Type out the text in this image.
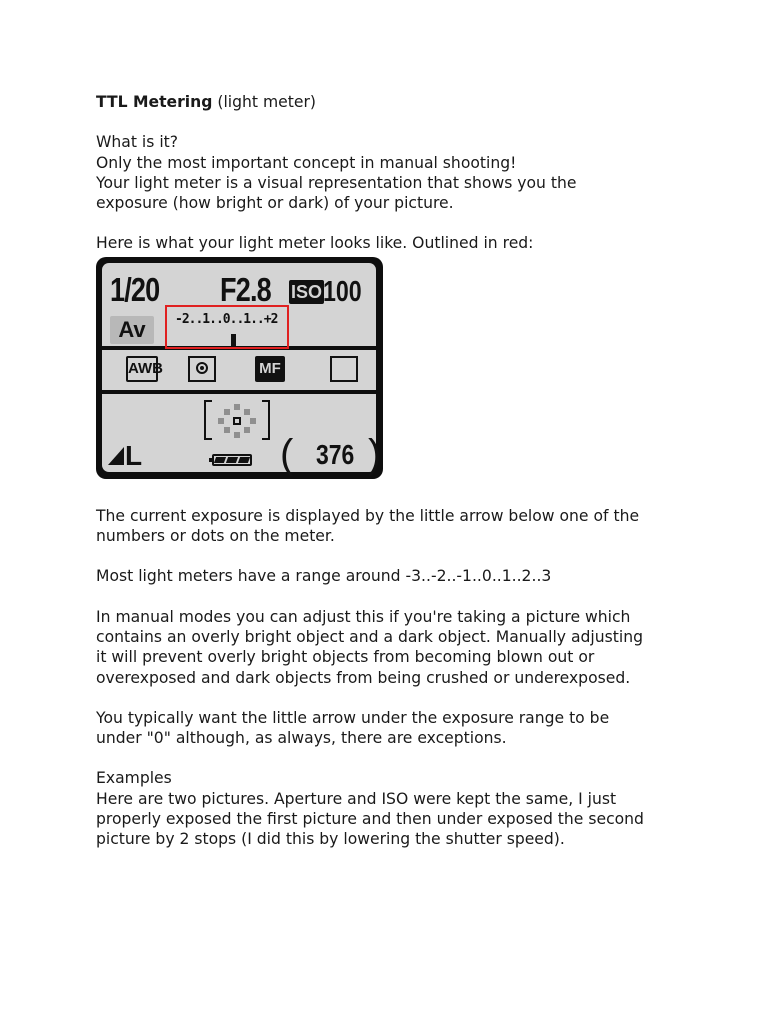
TTL Metering (light meter)

What is it?

Only the most important concept in manual shooting!

Your light meter is a visual representation that shows you the

exposure (how bright or dark) of your picture.

Here is what your light meter looks like. Outlined in red:

1/20 F2.8 ISO 100
Av	-2..1..0..1..+2
AWB	MF
L	( 376 )

The current exposure is displayed by the little arrow below one of the

numbers or dots on the meter.

Most light meters have a range around -3..-2..-1..0..1..2..3

In manual modes you can adjust this if you're taking a picture which

contains an overly bright object and a dark object. Manually adjusting

it will prevent overly bright objects from becoming blown out or

overexposed and dark objects from being crushed or underexposed.

You typically want the little arrow under the exposure range to be

under "0" although, as always, there are exceptions.

Examples

Here are two pictures. Aperture and ISO were kept the same, I just

properly exposed the first picture and then under exposed the second

picture by 2 stops (I did this by lowering the shutter speed).
